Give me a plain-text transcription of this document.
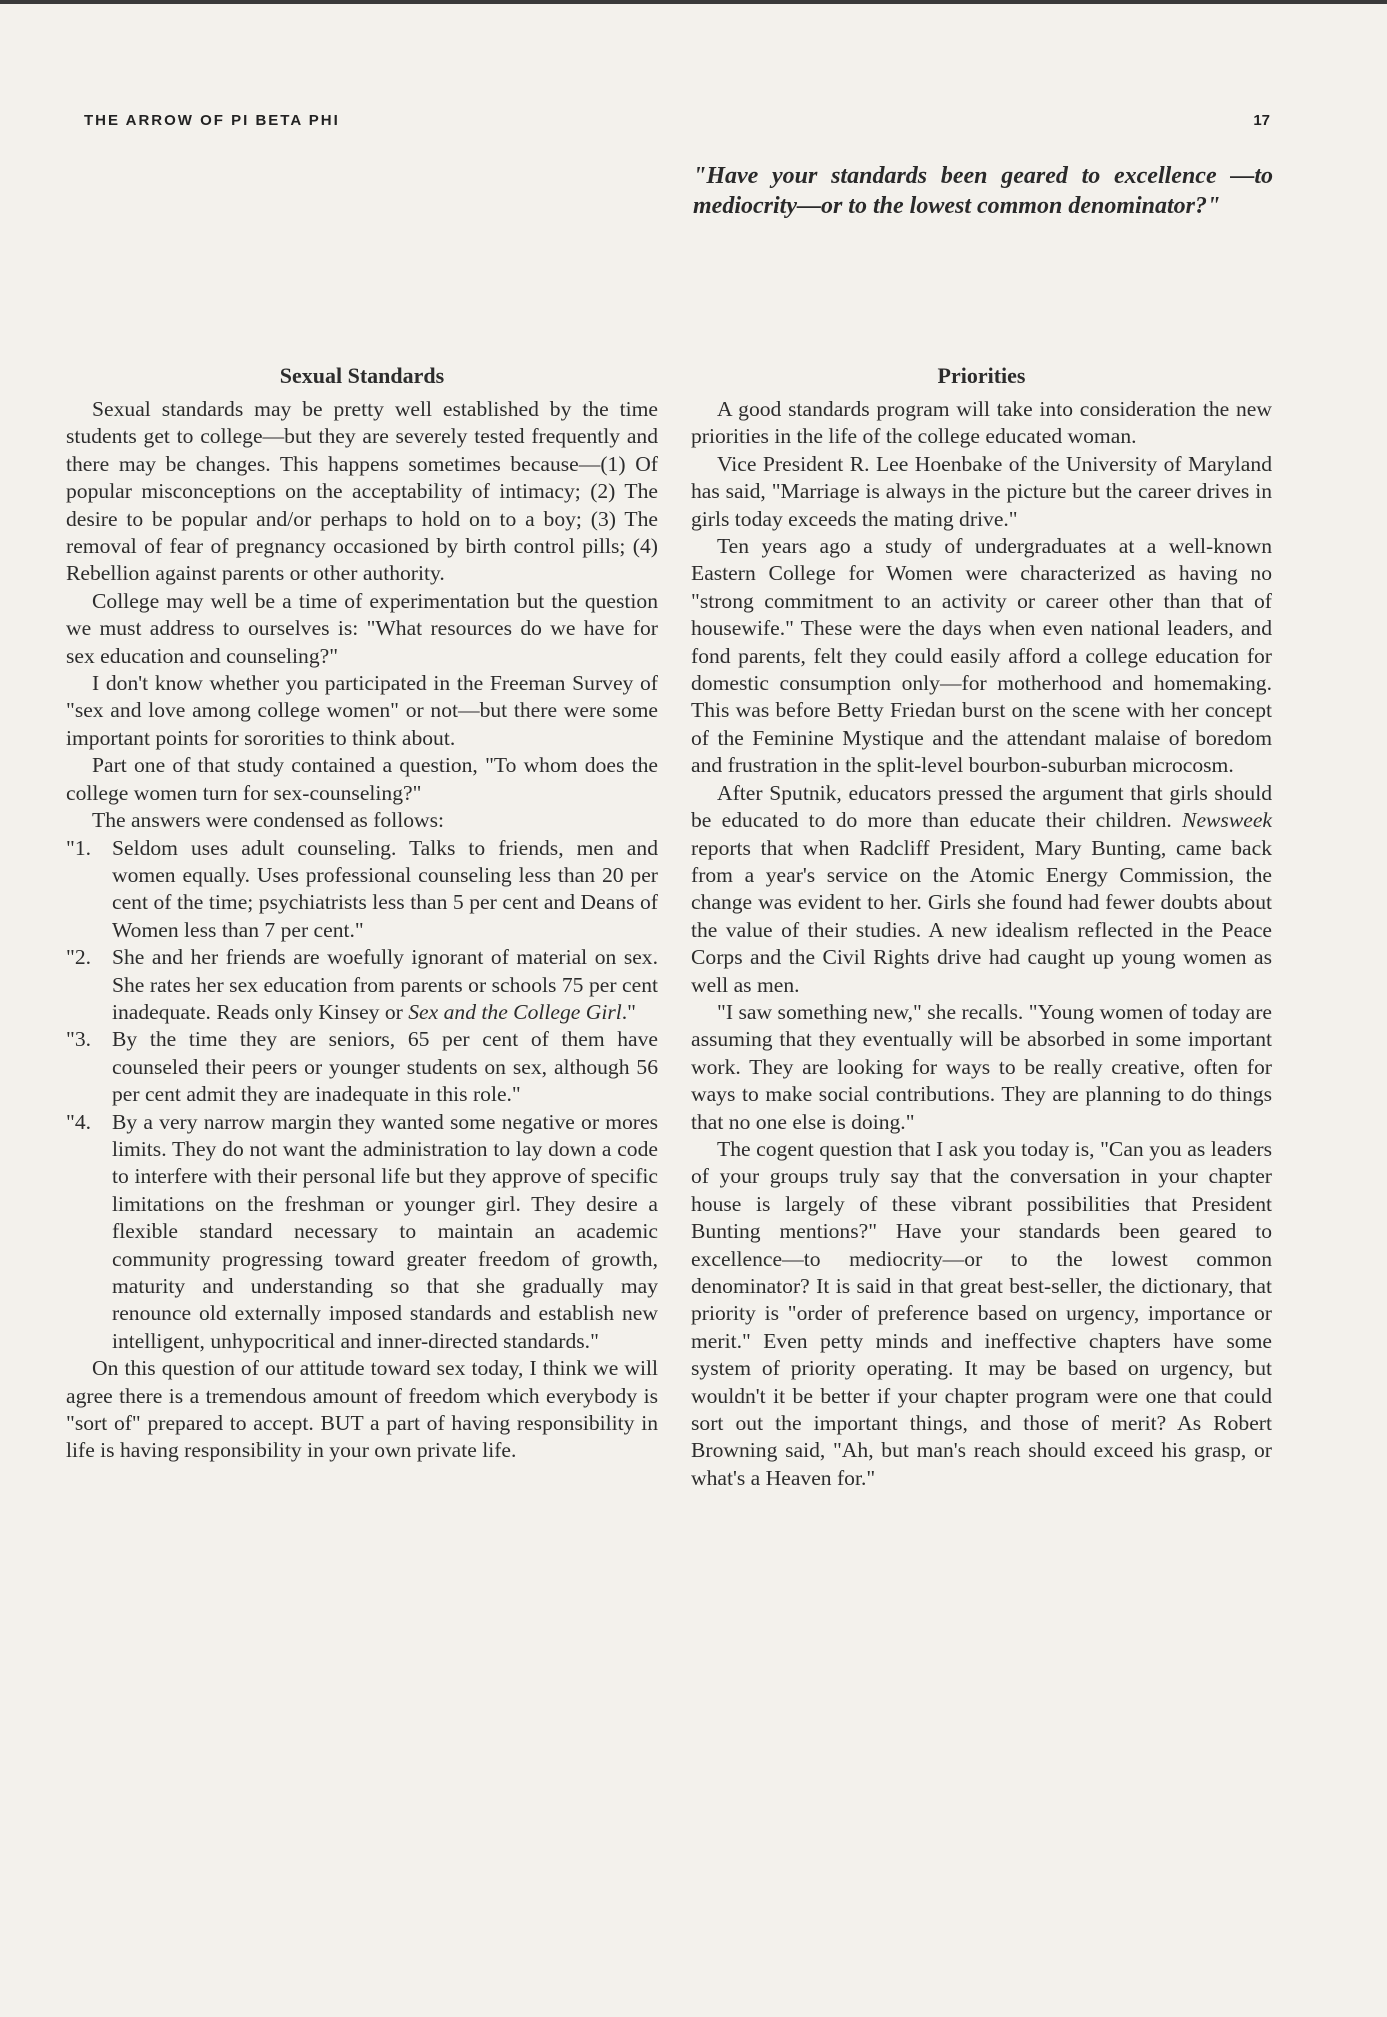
THE ARROW OF PI BETA PHI	17
"Have your standards been geared to excellence —to mediocrity—or to the lowest common denominator?"
Sexual Standards

Sexual standards may be pretty well established by the time students get to college—but they are severely tested frequently and there may be changes. This happens sometimes because—(1) Of popular misconceptions on the acceptability of intimacy; (2) The desire to be popular and/or perhaps to hold on to a boy; (3) The removal of fear of pregnancy occasioned by birth control pills; (4) Rebellion against parents or other authority.

College may well be a time of experimentation but the question we must address to ourselves is: "What resources do we have for sex education and counseling?"

I don't know whether you participated in the Freeman Survey of "sex and love among college women" or not—but there were some important points for sororities to think about.

Part one of that study contained a question, "To whom does the college women turn for sex-counseling?"

The answers were condensed as follows:

"1. Seldom uses adult counseling. Talks to friends, men and women equally. Uses professional counseling less than 20 per cent of the time; psychiatrists less than 5 per cent and Deans of Women less than 7 per cent."
"2. She and her friends are woefully ignorant of material on sex. She rates her sex education from parents or schools 75 per cent inadequate. Reads only Kinsey or Sex and the College Girl."
"3. By the time they are seniors, 65 per cent of them have counseled their peers or younger students on sex, although 56 per cent admit they are inadequate in this role."
"4. By a very narrow margin they wanted some negative or mores limits. They do not want the administration to lay down a code to interfere with their personal life but they approve of specific limitations on the freshman or younger girl. They desire a flexible standard necessary to maintain an academic community progressing toward greater freedom of growth, maturity and understanding so that she gradually may renounce old externally imposed standards and establish new intelligent, unhypocritical and inner-directed standards."

On this question of our attitude toward sex today, I think we will agree there is a tremendous amount of freedom which everybody is "sort of" prepared to accept. BUT a part of having responsibility in life is having responsibility in your own private life.

Priorities

A good standards program will take into consideration the new priorities in the life of the college educated woman.

Vice President R. Lee Hoenbake of the University of Maryland has said, "Marriage is always in the picture but the career drives in girls today exceeds the mating drive."

Ten years ago a study of undergraduates at a well-known Eastern College for Women were characterized as having no "strong commitment to an activity or career other than that of housewife." These were the days when even national leaders, and fond parents, felt they could easily afford a college education for domestic consumption only—for motherhood and homemaking. This was before Betty Friedan burst on the scene with her concept of the Feminine Mystique and the attendant malaise of boredom and frustration in the split-level bourbon-suburban microcosm.

After Sputnik, educators pressed the argument that girls should be educated to do more than educate their children. Newsweek reports that when Radcliff President, Mary Bunting, came back from a year's service on the Atomic Energy Commission, the change was evident to her. Girls she found had fewer doubts about the value of their studies. A new idealism reflected in the Peace Corps and the Civil Rights drive had caught up young women as well as men.

"I saw something new," she recalls. "Young women of today are assuming that they eventually will be absorbed in some important work. They are looking for ways to be really creative, often for ways to make social contributions. They are planning to do things that no one else is doing."

The cogent question that I ask you today is, "Can you as leaders of your groups truly say that the conversation in your chapter house is largely of these vibrant possibilities that President Bunting mentions?" Have your standards been geared to excellence—to mediocrity—or to the lowest common denominator? It is said in that great best-seller, the dictionary, that priority is "order of preference based on urgency, importance or merit." Even petty minds and ineffective chapters have some system of priority operating. It may be based on urgency, but wouldn't it be better if your chapter program were one that could sort out the important things, and those of merit? As Robert Browning said, "Ah, but man's reach should exceed his grasp, or what's a Heaven for."
